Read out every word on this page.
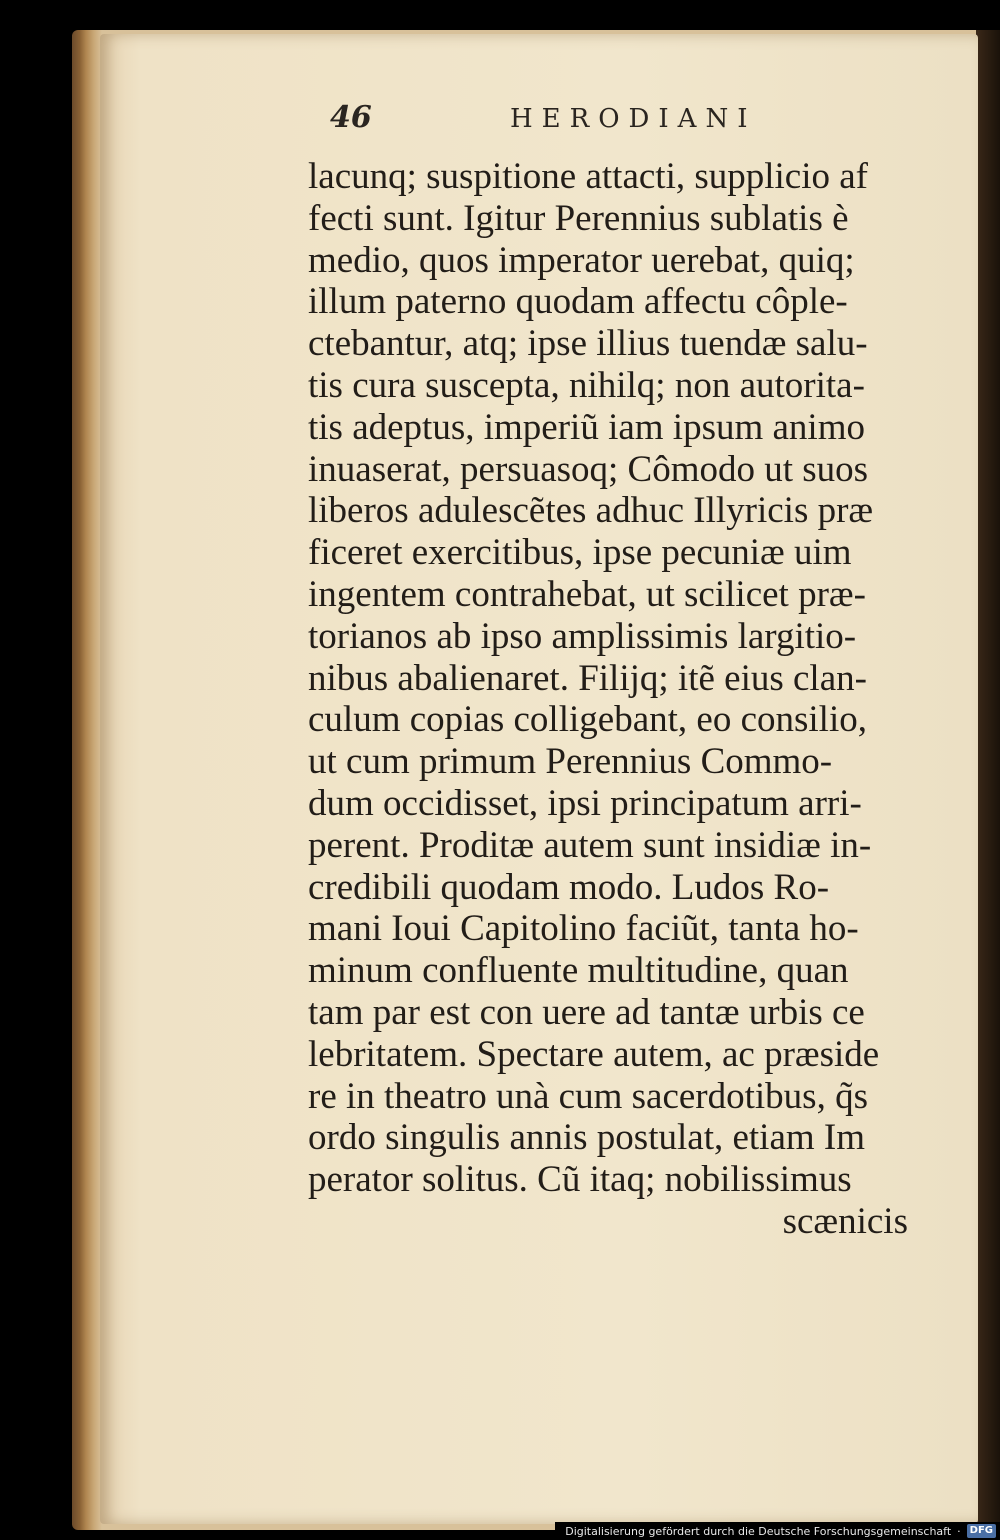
46	HERODIANI
lacunq; suspitione attacti, supplicio af
fecti sunt. Igitur Perennius sublatis è
medio, quos imperator uerebat, quiq;
illum paterno quodam affectu côple-
ctebantur, atq; ipse illius tuendæ salu-
tis cura suscepta, nihilq; non autorita-
tis adeptus, imperiũ iam ipsum animo
inuaserat, persuasoq; Cômodo ut suos
liberos adulescẽtes adhuc Illyricis præ
ficeret exercitibus, ipse pecuniæ uim
ingentem contrahebat, ut scilicet præ-
torianos ab ipso amplissimis largitio-
nibus abalienaret. Filijq; itẽ eius clan-
culum copias colligebant, eo consilio,
ut cum primum Perennius Commo-
dum occidisset, ipsi principatum arri-
perent. Proditæ autem sunt insidiæ in-
credibili quodam modo. Ludos Ro-
mani Ioui Capitolino faciũt, tanta ho-
minum confluente multitudine, quan
tam par est con uere ad tantæ urbis ce
lebritatem. Spectare autem, ac præside
re in theatro unà cum sacerdotibus, q̃s
ordo singulis annis postulat, etiam Im
perator solitus. Cũ itaq; nobilissimus
scænicis
Digitalisierung gefördert durch die Deutsche Forschungsgemeinschaft · DFG
